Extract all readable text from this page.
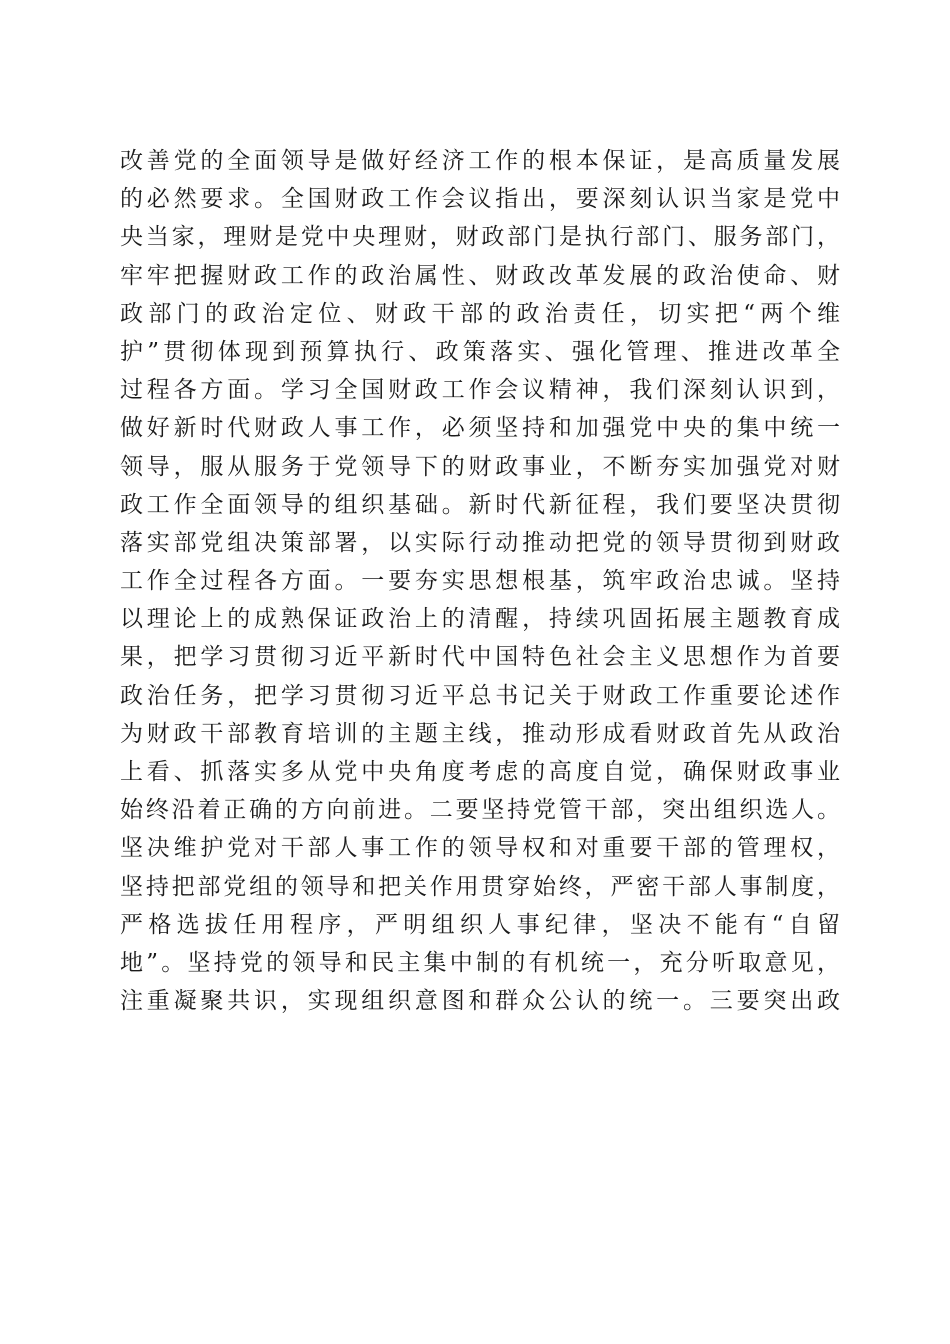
改善党的全面领导是做好经济工作的根本保证，是高质量发展
的必然要求。全国财政工作会议指出，要深刻认识当家是党中
央当家，理财是党中央理财，财政部门是执行部门、服务部门，
牢牢把握财政工作的政治属性、财政改革发展的政治使命、财
政部门的政治定位、财政干部的政治责任，切实把“两个维
护”贯彻体现到预算执行、政策落实、强化管理、推进改革全
过程各方面。学习全国财政工作会议精神，我们深刻认识到，
做好新时代财政人事工作，必须坚持和加强党中央的集中统一
领导，服从服务于党领导下的财政事业，不断夯实加强党对财
政工作全面领导的组织基础。新时代新征程，我们要坚决贯彻
落实部党组决策部署，以实际行动推动把党的领导贯彻到财政
工作全过程各方面。一要夯实思想根基，筑牢政治忠诚。坚持
以理论上的成熟保证政治上的清醒，持续巩固拓展主题教育成
果，把学习贯彻习近平新时代中国特色社会主义思想作为首要
政治任务，把学习贯彻习近平总书记关于财政工作重要论述作
为财政干部教育培训的主题主线，推动形成看财政首先从政治
上看、抓落实多从党中央角度考虑的高度自觉，确保财政事业
始终沿着正确的方向前进。二要坚持党管干部，突出组织选人。
坚决维护党对干部人事工作的领导权和对重要干部的管理权，
坚持把部党组的领导和把关作用贯穿始终，严密干部人事制度，
严格选拔任用程序，严明组织人事纪律，坚决不能有“自留
地”。坚持党的领导和民主集中制的有机统一，充分听取意见，
注重凝聚共识，实现组织意图和群众公认的统一。三要突出政
